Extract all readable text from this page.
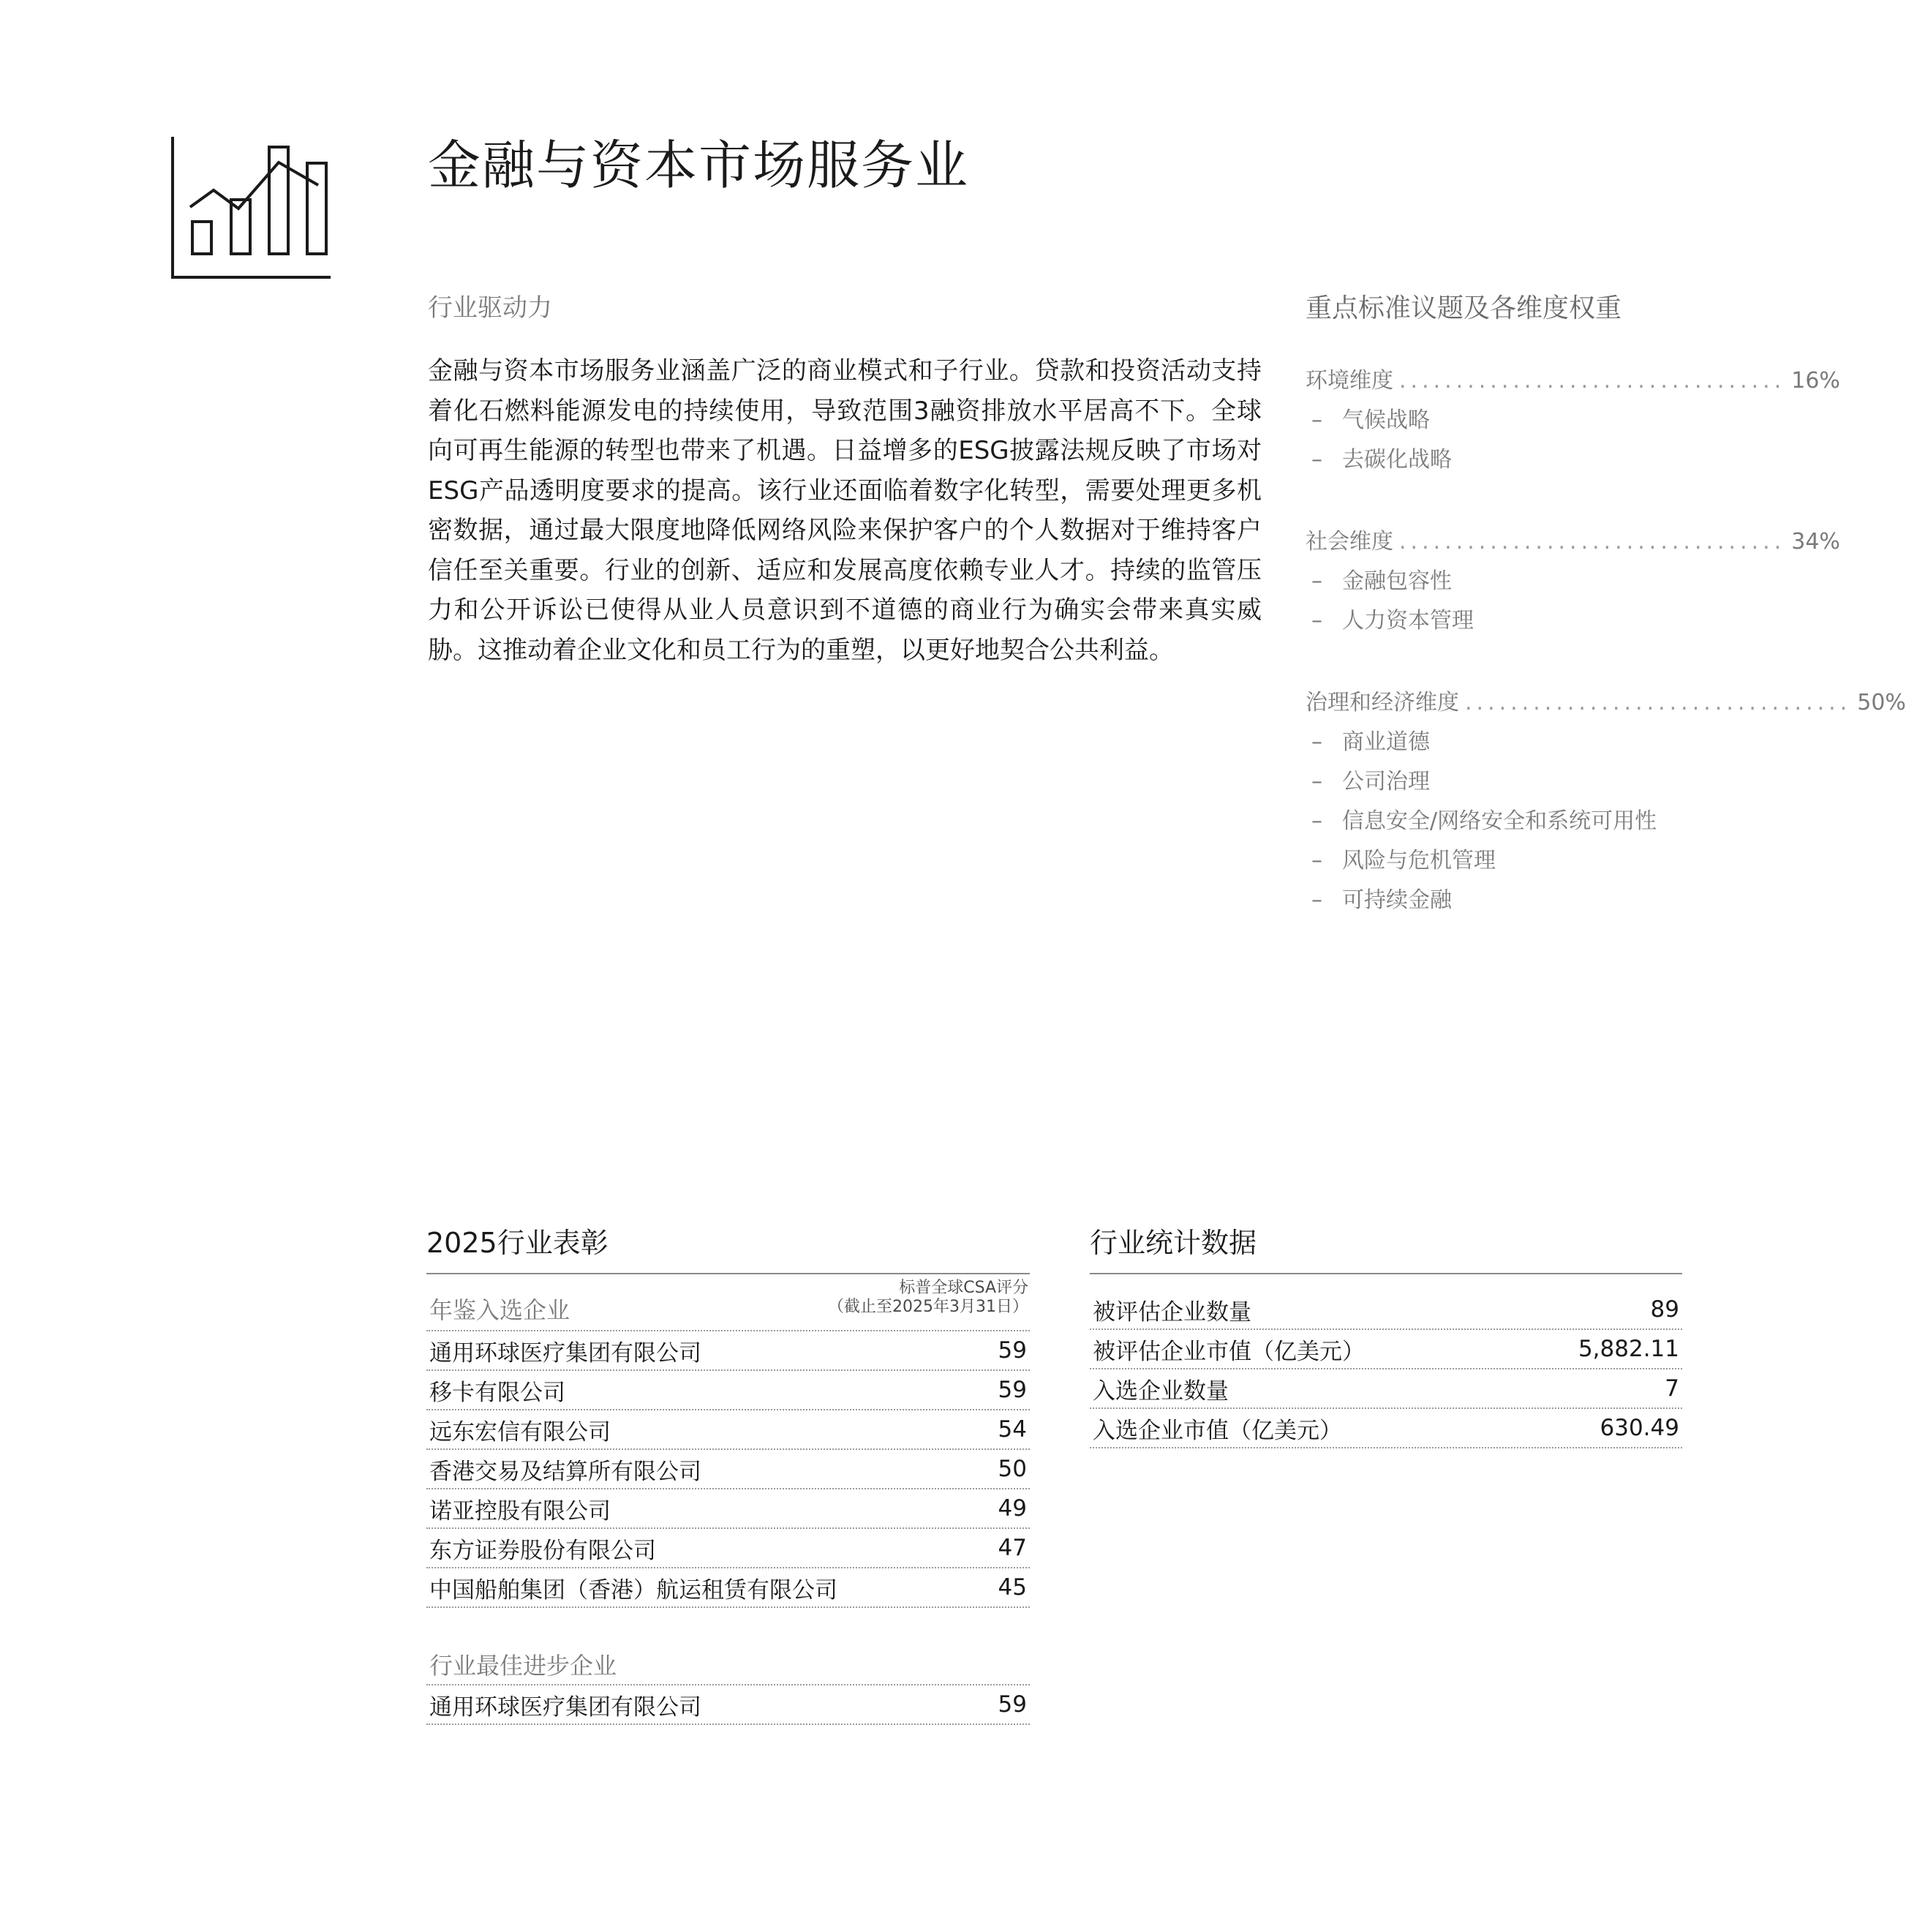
金融与资本市场服务业
行业驱动力
金融与资本市场服务业涵盖广泛的商业模式和子行业。贷款和投资活动支持着化石燃料能源发电的持续使用，导致范围3融资排放水平居高不下。全球向可再生能源的转型也带来了机遇。日益增多的ESG披露法规反映了市场对ESG产品透明度要求的提高。该行业还面临着数字化转型，需要处理更多机密数据，通过最大限度地降低网络风险来保护客户的个人数据对于维持客户信任至关重要。行业的创新、适应和发展高度依赖专业人才。持续的监管压力和公开诉讼已使得从业人员意识到不道德的商业行为确实会带来真实威胁。这推动着企业文化和员工行为的重塑，以更好地契合公共利益。
重点标准议题及各维度权重
环境维度 .................................. 16%
– 气候战略
– 去碳化战略
社会维度 .................................. 34%
– 金融包容性
– 人力资本管理
治理和经济维度 .................................. 50%
– 商业道德
– 公司治理
– 信息安全/网络安全和系统可用性
– 风险与危机管理
– 可持续金融
2025行业表彰
年鉴入选企业
标普全球CSA评分
（截止至2025年3月31日）
通用环球医疗集团有限公司	59
移卡有限公司	59
远东宏信有限公司	54
香港交易及结算所有限公司	50
诺亚控股有限公司	49
东方证券股份有限公司	47
中国船舶集团（香港）航运租赁有限公司	45
行业最佳进步企业
通用环球医疗集团有限公司	59
行业统计数据
被评估企业数量	89
被评估企业市值（亿美元）	5,882.11
入选企业数量	7
入选企业市值（亿美元）	630.49
